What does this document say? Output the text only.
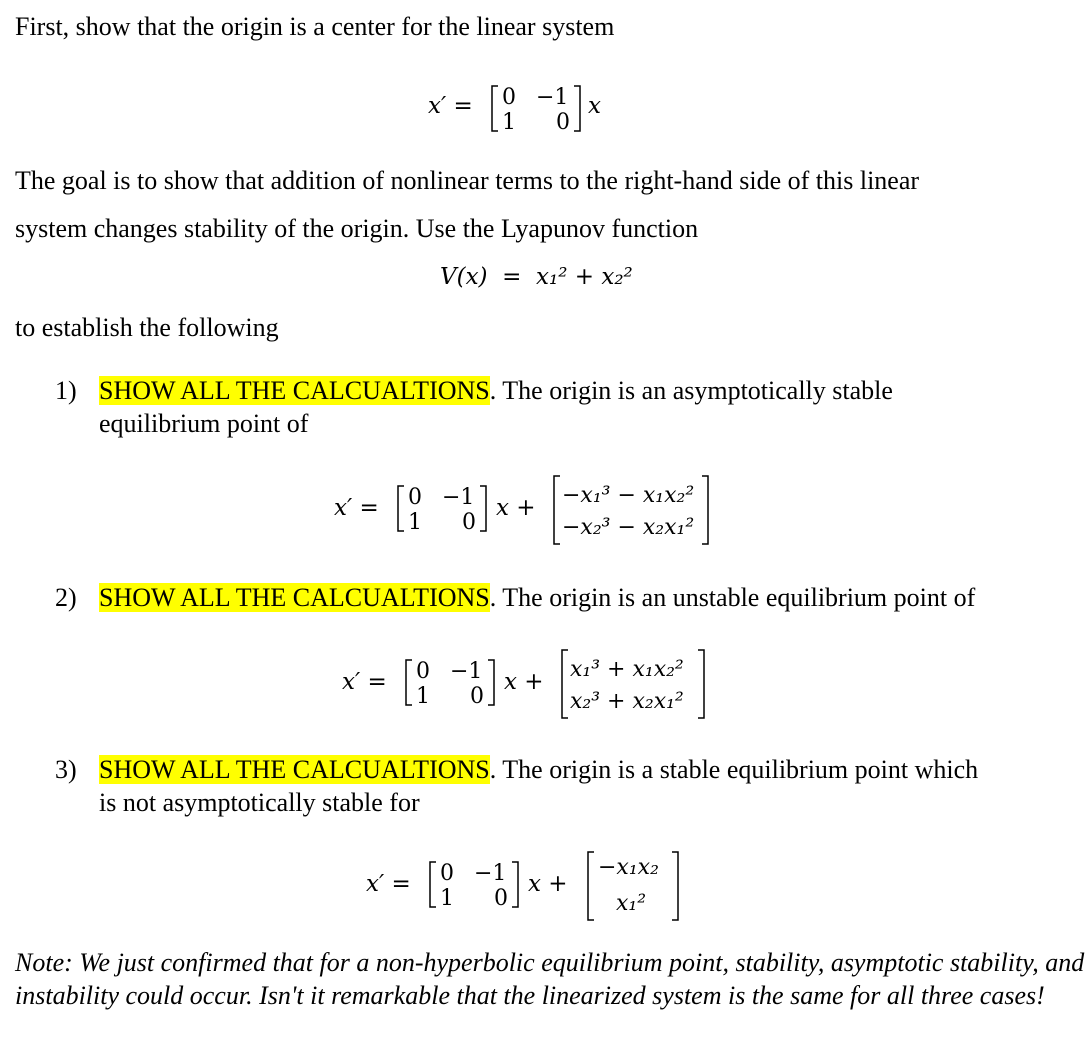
First, show that the origin is a center for the linear system
x′ = 0 −1
1 0
x
The goal is to show that addition of nonlinear terms to the right-hand side of this linear
system changes stability of the origin. Use the Lyapunov function
V(x)  =  x₁² + x₂²
to establish the following
1) SHOW ALL THE CALCUALTIONS. The origin is an asymptotically stable
equilibrium point of
x′ = 0 −1
1 0
x + −x₁³ − x₁x₂²
−x₂³ − x₂x₁²
2) SHOW ALL THE CALCUALTIONS. The origin is an unstable equilibrium point of
x′ = 0 −1
1 0
x + x₁³ + x₁x₂²
x₂³ + x₂x₁²
3) SHOW ALL THE CALCUALTIONS. The origin is a stable equilibrium point which
is not asymptotically stable for
x′ = 0 −1
1 0
x +
−x₁x₂
x₁²
Note: We just confirmed that for a non-hyperbolic equilibrium point, stability, asymptotic stability, and instability could occur. Isn't it remarkable that the linearized system is the same for all three cases!
